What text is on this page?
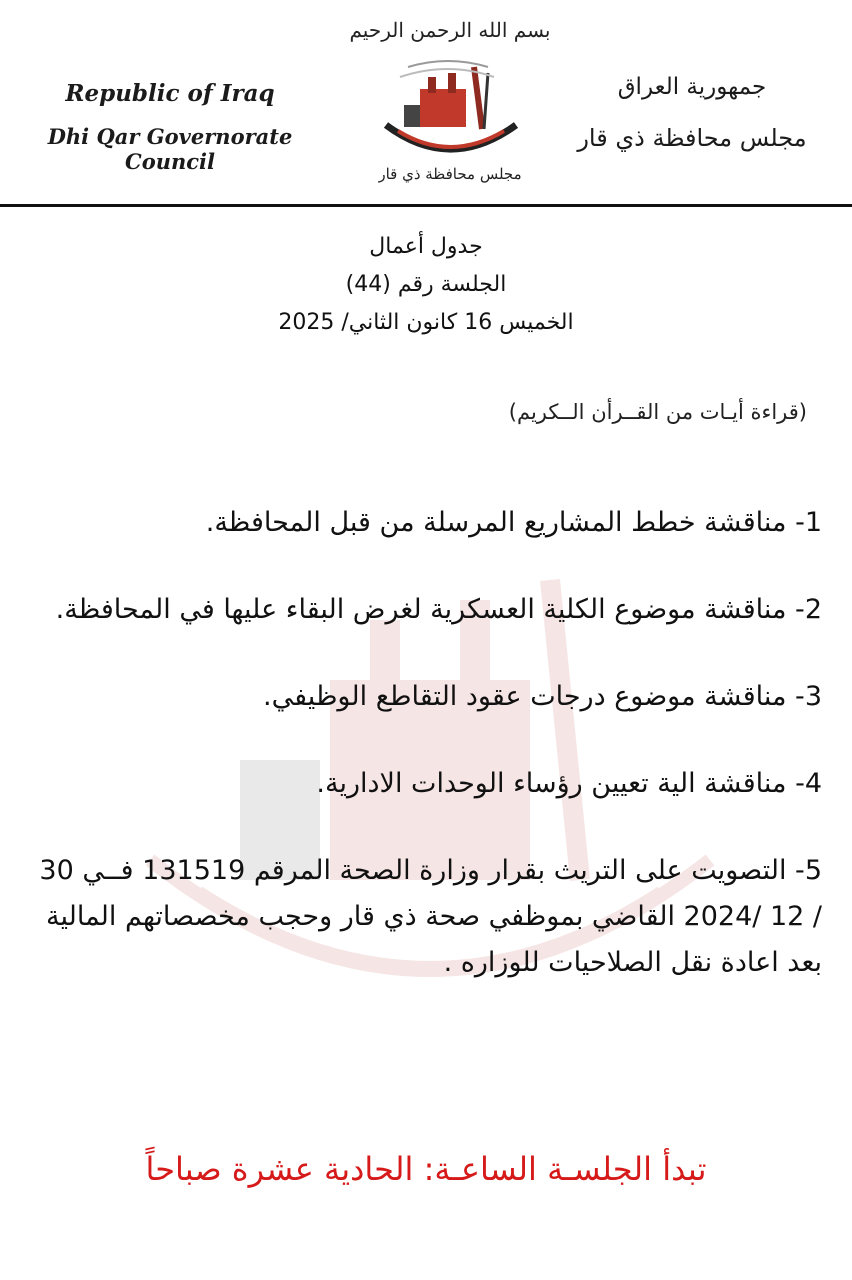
بسم الله الرحمن الرحيم
Republic of Iraq
Dhi Qar Governorate Council
جمهورية العراق
مجلس محافظة ذي قار
مجلس محافظة ذي قار
جدول أعمال
الجلسة رقم (44)
الخميس 16 كانون الثاني/ 2025
(قراءة أيـات من القــرأن الــكريم)
1- مناقشة خطط المشاريع المرسلة من قبل المحافظة.
2- مناقشة موضوع الكلية العسكرية لغرض البقاء عليها في المحافظة.
3- مناقشة موضوع درجات عقود التقاطع الوظيفي.
4- مناقشة الية تعيين رؤساء الوحدات الادارية.
5- التصويت على التريث بقرار وزارة الصحة المرقم 131519 فــي 30 / 12 /2024 القاضي بموظفي صحة ذي قار وحجب مخصصاتهم المالية بعد اعادة نقل الصلاحيات للوزاره .
تبدأ الجلسـة الساعـة: الحادية عشرة صباحاً
